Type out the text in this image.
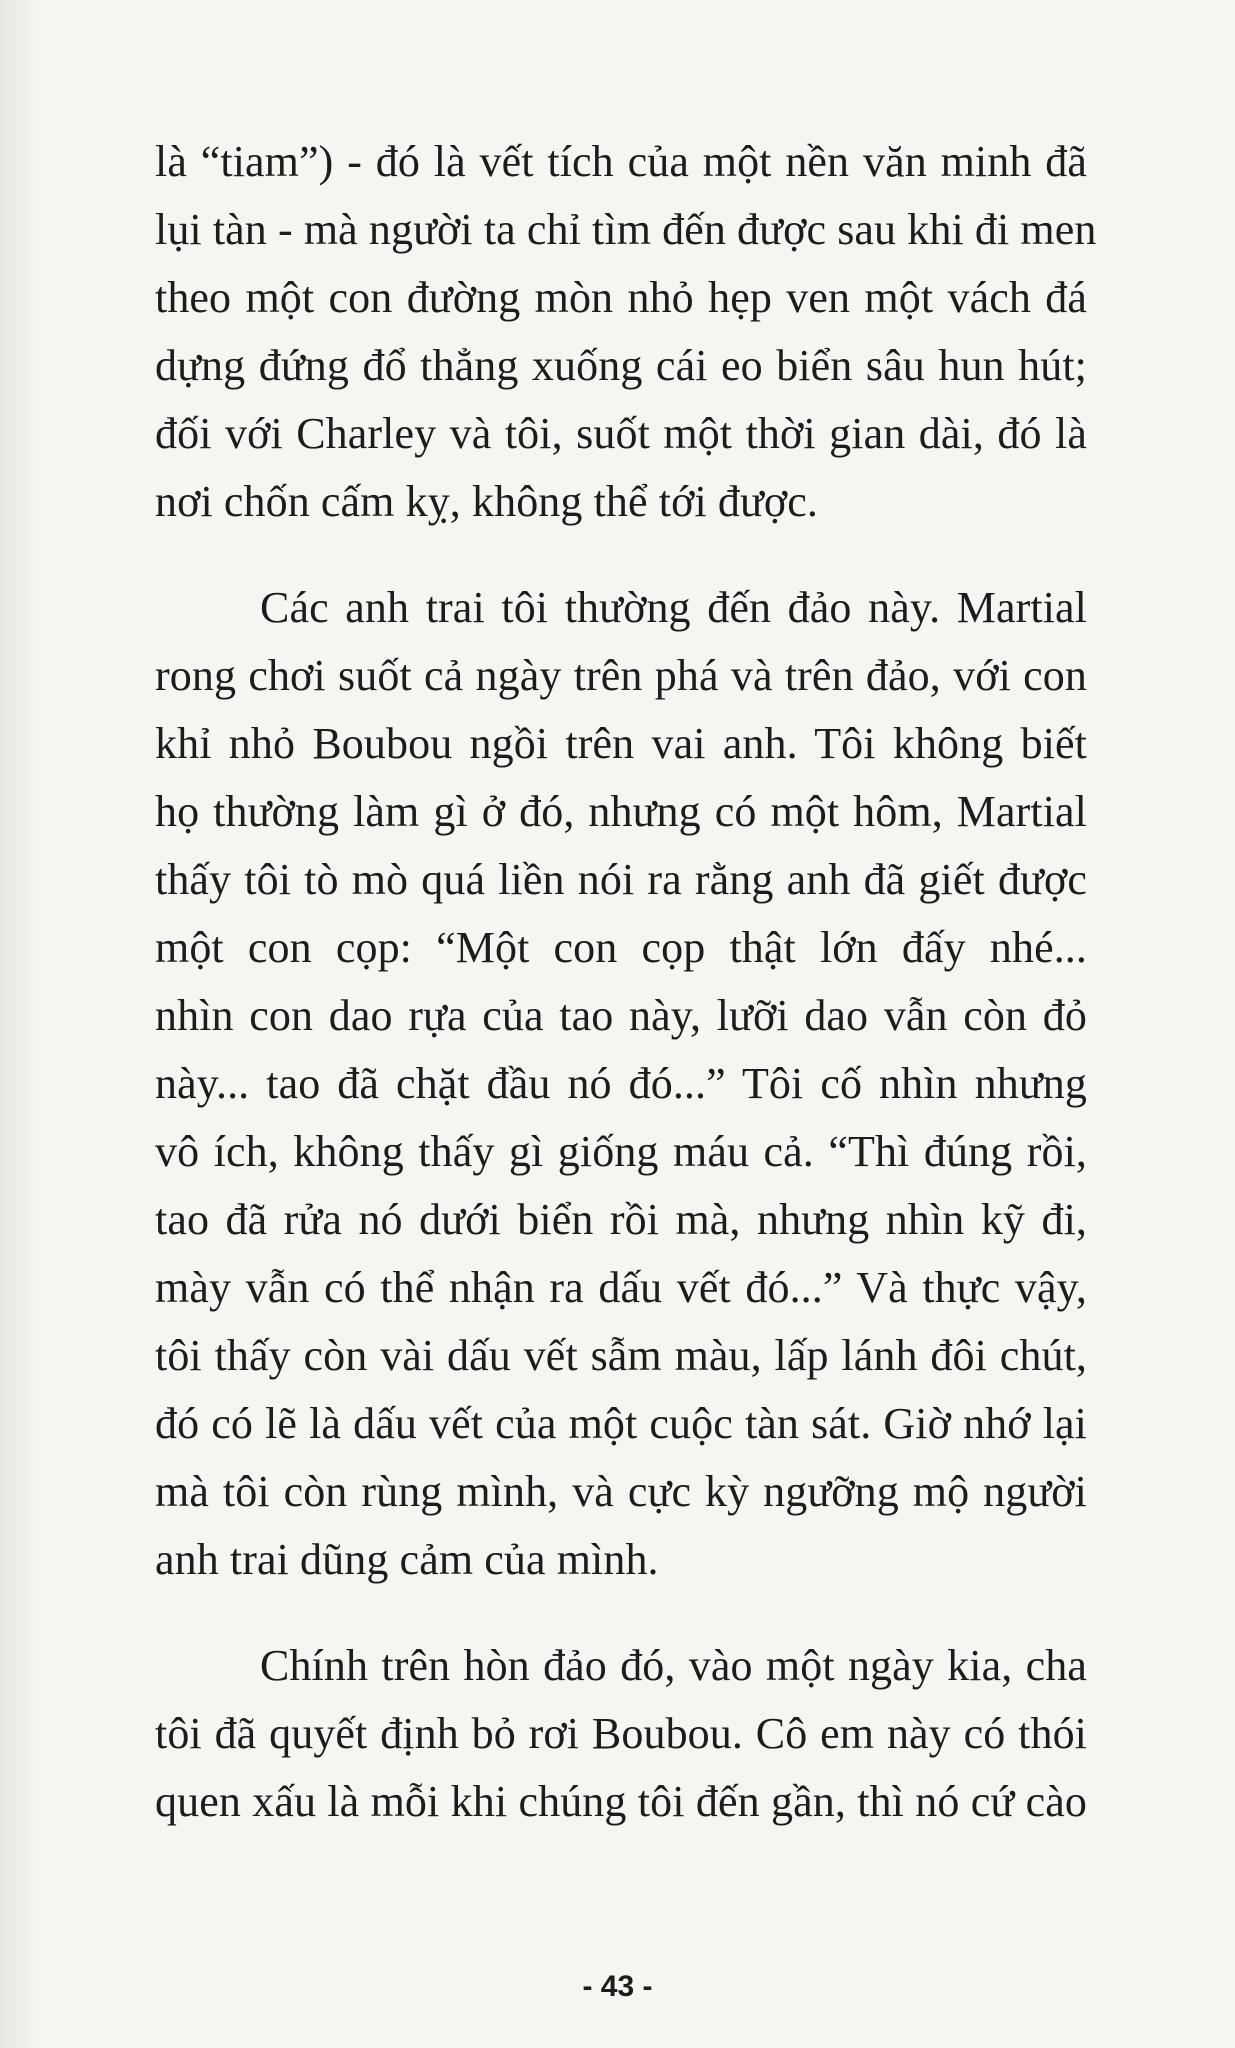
là “tiam”) - đó là vết tích của một nền văn minh đã
lụi tàn - mà người ta chỉ tìm đến được sau khi đi men
theo một con đường mòn nhỏ hẹp ven một vách đá
dựng đứng đổ thẳng xuống cái eo biển sâu hun hút;
đối với Charley và tôi, suốt một thời gian dài, đó là
nơi chốn cấm kỵ, không thể tới được.
Các anh trai tôi thường đến đảo này. Martial
rong chơi suốt cả ngày trên phá và trên đảo, với con
khỉ nhỏ Boubou ngồi trên vai anh. Tôi không biết
họ thường làm gì ở đó, nhưng có một hôm, Martial
thấy tôi tò mò quá liền nói ra rằng anh đã giết được
một con cọp: “Một con cọp thật lớn đấy nhé...
nhìn con dao rựa của tao này, lưỡi dao vẫn còn đỏ
này... tao đã chặt đầu nó đó...” Tôi cố nhìn nhưng
vô ích, không thấy gì giống máu cả. “Thì đúng rồi,
tao đã rửa nó dưới biển rồi mà, nhưng nhìn kỹ đi,
mày vẫn có thể nhận ra dấu vết đó...” Và thực vậy,
tôi thấy còn vài dấu vết sẫm màu, lấp lánh đôi chút,
đó có lẽ là dấu vết của một cuộc tàn sát. Giờ nhớ lại
mà tôi còn rùng mình, và cực kỳ ngưỡng mộ người
anh trai dũng cảm của mình.
Chính trên hòn đảo đó, vào một ngày kia, cha
tôi đã quyết định bỏ rơi Boubou. Cô em này có thói
quen xấu là mỗi khi chúng tôi đến gần, thì nó cứ cào
- 43 -
